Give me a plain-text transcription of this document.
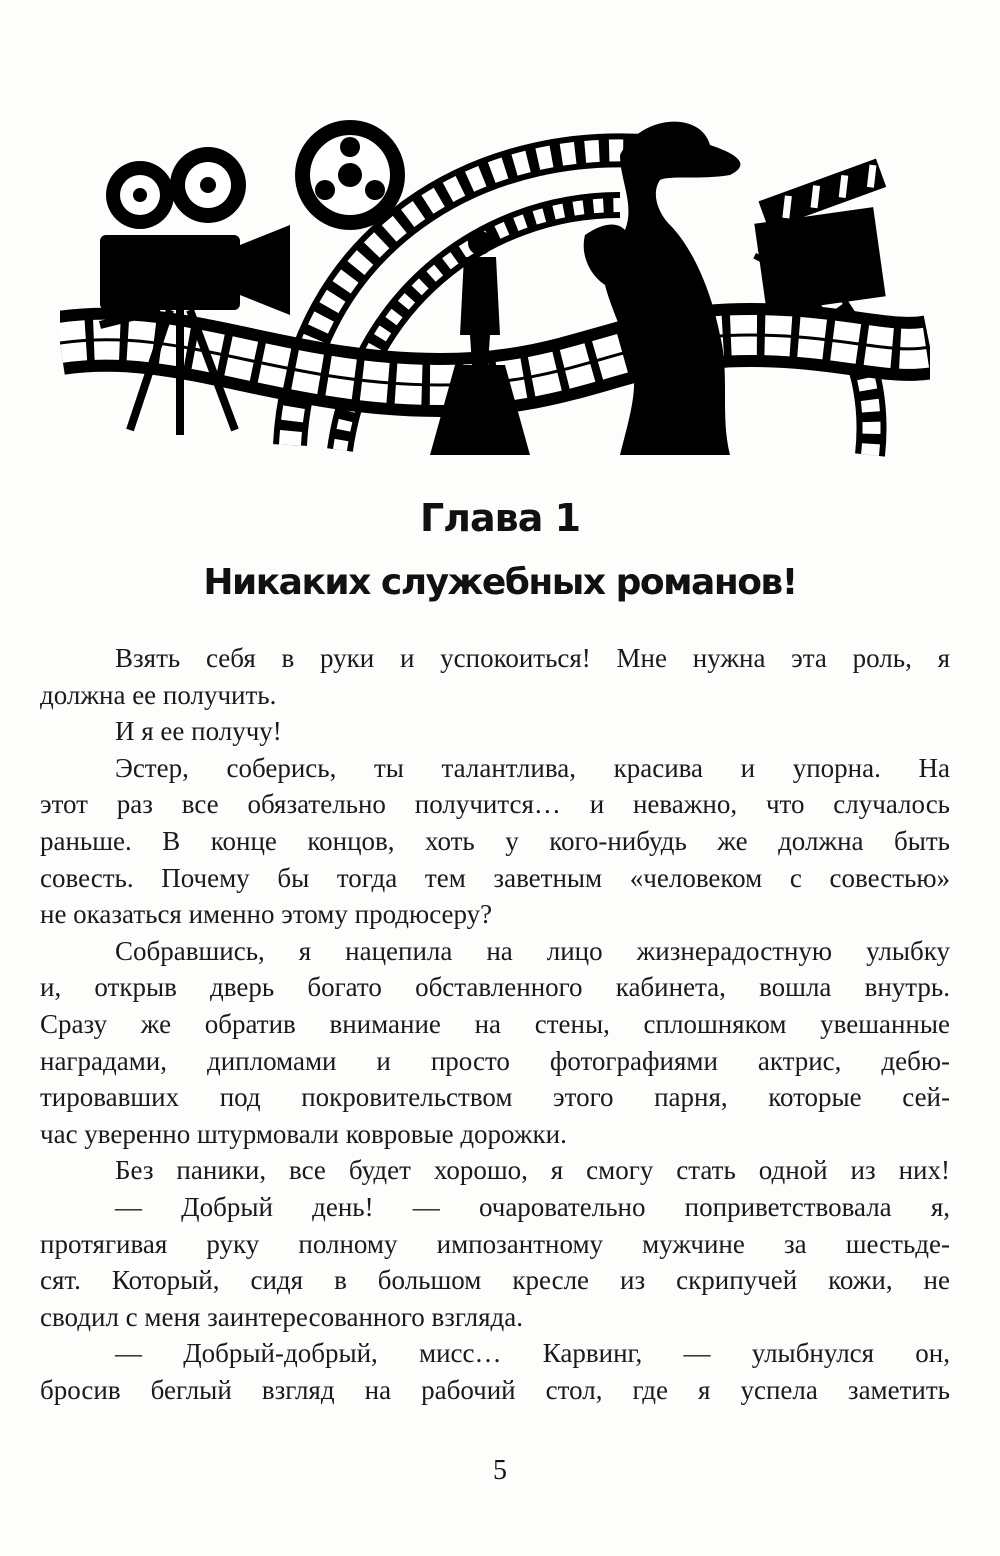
Глава 1
Никаких служебных романов!
Взять себя в руки и успокоиться! Мне нужна эта роль, я
должна ее получить.
И я ее получу!
Эстер, соберись, ты талантлива, красива и упорна. На
этот раз все обязательно получится… и неважно, что случалось
раньше. В конце концов, хоть у кого-нибудь же должна быть
совесть. Почему бы тогда тем заветным «человеком с совестью»
не оказаться именно этому продюсеру?
Собравшись, я нацепила на лицо жизнерадостную улыбку
и, открыв дверь богато обставленного кабинета, вошла внутрь.
Сразу же обратив внимание на стены, сплошняком увешанные
наградами, дипломами и просто фотографиями актрис, дебю-
тировавших под покровительством этого парня, которые сей-
час уверенно штурмовали ковровые дорожки.
Без паники, все будет хорошо, я смогу стать одной из них!
— Добрый день! — очаровательно поприветствовала я,
протягивая руку полному импозантному мужчине за шестьде-
сят. Который, сидя в большом кресле из скрипучей кожи, не
сводил с меня заинтересованного взгляда.
— Добрый-добрый, мисс… Карвинг, — улыбнулся он,
бросив беглый взгляд на рабочий стол, где я успела заметить
5
